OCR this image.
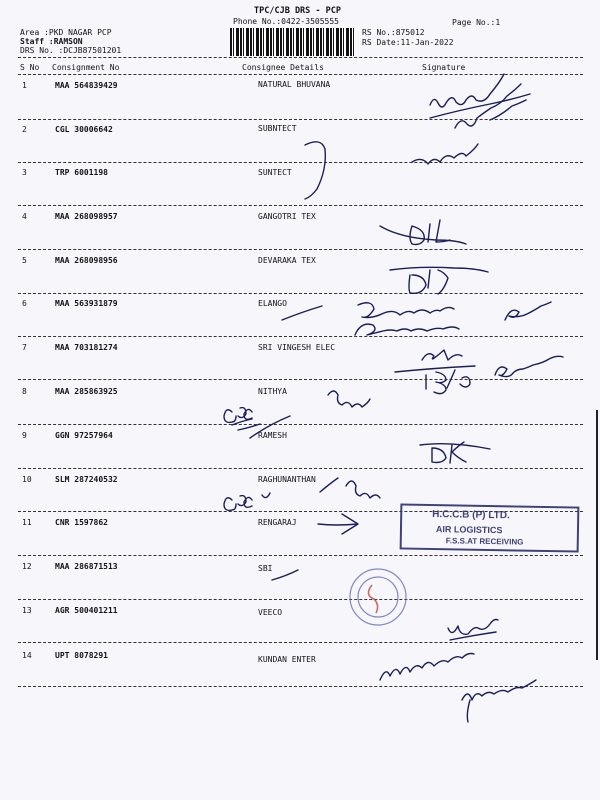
TPC/CJB DRS - PCP
Phone No.:0422-3505555	Page No.:1
Area :PKD NAGAR PCP
Staff :RAMSON
DRS No. :DCJB87501201
RS No.:875012
RS Date:11-Jan-2022
S No Consignment No	Consignee Details	Signature
1	MAA 564839429	NATURAL BHUVANA
2	CGL 30006642	SUBNTECT
3	TRP 6001198	SUNTECT
4	MAA 268098957	GANGOTRI TEX
5	MAA 268098956	DEVARAKA TEX
6	MAA 563931879	ELANGO
7	MAA 703181274	SRI VINGESH ELEC
8	MAA 285863925	NITHYA
9	GGN 97257964	RAMESH
10	SLM 287240532	RAGHUNANTHAN
11	CNR 1597862	RENGARAJ
12	MAA 286871513	SBI
13	AGR 500401211	VEECO
14	UPT 8078291	KUNDAN ENTER
H.C.C.B (P) LTD.
AIR LOGISTICS
F.S.S.AT RECEIVING
